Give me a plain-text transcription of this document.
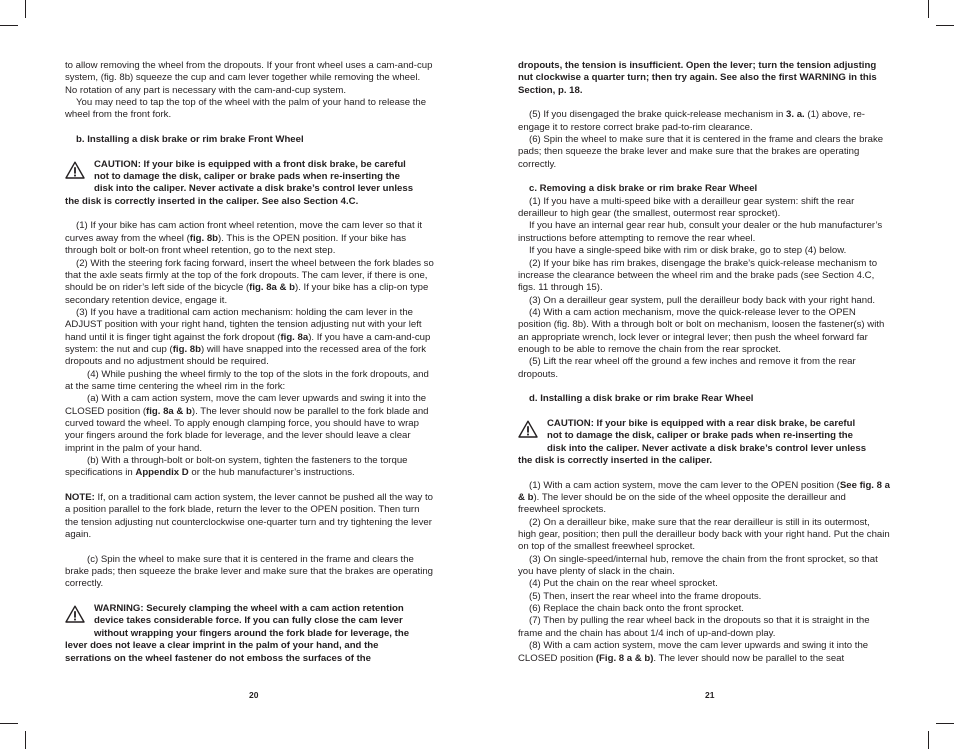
to allow removing the wheel from the dropouts. If your front wheel uses a cam-and-cup system, (fig. 8b) squeeze the cup and cam lever together while removing the wheel. No rotation of any part is necessary with the cam-and-cup system.

You may need to tap the top of the wheel with the palm of your hand to release the wheel from the front fork.

b. Installing a disk brake or rim brake Front Wheel

CAUTION: If your bike is equipped with a front disk brake, be careful

not to damage the disk, caliper or brake pads when re-inserting the

disk into the caliper. Never activate a disk brake’s control lever unless

the disk is correctly inserted in the caliper. See also Section 4.C.

(1) If your bike has cam action front wheel retention, move the cam lever so that it curves away from the wheel (fig. 8b). This is the OPEN position. If your bike has through bolt or bolt-on front wheel retention, go to the next step.

(2) With the steering fork facing forward, insert the wheel between the fork blades so that the axle seats firmly at the top of the fork dropouts. The cam lever, if there is one, should be on rider’s left side of the bicycle (fig. 8a & b). If your bike has a clip-on type secondary retention device, engage it.

(3) If you have a traditional cam action mechanism: holding the cam lever in the ADJUST position with your right hand, tighten the tension adjusting nut with your left hand until it is finger tight against the fork dropout (fig. 8a). If you have a cam-and-cup system: the nut and cup (fig. 8b) will have snapped into the recessed area of the fork dropouts and no adjustment should be required.

(4) While pushing the wheel firmly to the top of the slots in the fork dropouts, and at the same time centering the wheel rim in the fork:

(a) With a cam action system, move the cam lever upwards and swing it into the CLOSED position (fig. 8a & b). The lever should now be parallel to the fork blade and curved toward the wheel. To apply enough clamping force, you should have to wrap your fingers around the fork blade for leverage, and the lever should leave a clear imprint in the palm of your hand.

(b) With a through-bolt or bolt-on system, tighten the fasteners to the torque specifications in Appendix D or the hub manufacturer’s instructions.

NOTE: If, on a traditional cam action system, the lever cannot be pushed all the way to a position parallel to the fork blade, return the lever to the OPEN position. Then turn the tension adjusting nut counterclockwise one-quarter turn and try tightening the lever again.

(c) Spin the wheel to make sure that it is centered in the frame and clears the brake pads; then squeeze the brake lever and make sure that the brakes are operating correctly.

WARNING: Securely clamping the wheel with a cam action retention

device takes considerable force. If you can fully close the cam lever

without wrapping your fingers around the fork blade for leverage, the

lever does not leave a clear imprint in the palm of your hand, and the

serrations on the wheel fastener do not emboss the surfaces of the

20

dropouts, the tension is insufficient. Open the lever; turn the tension adjusting nut clockwise a quarter turn; then try again. See also the first WARNING in this Section, p. 18.

(5) If you disengaged the brake quick-release mechanism in 3. a. (1) above, re-engage it to restore correct brake pad-to-rim clearance.

(6) Spin the wheel to make sure that it is centered in the frame and clears the brake pads; then squeeze the brake lever and make sure that the brakes are operating correctly.

c. Removing a disk brake or rim brake Rear Wheel

(1) If you have a multi-speed bike with a derailleur gear system: shift the rear derailleur to high gear (the smallest, outermost rear sprocket).

If you have an internal gear rear hub, consult your dealer or the hub manufacturer’s instructions before attempting to remove the rear wheel.

If you have a single-speed bike with rim or disk brake, go to step (4) below.

(2) If your bike has rim brakes, disengage the brake’s quick-release mechanism to increase the clearance between the wheel rim and the brake pads (see Section 4.C, figs. 11 through 15).

(3) On a derailleur gear system, pull the derailleur body back with your right hand.

(4) With a cam action mechanism, move the quick-release lever to the OPEN position (fig. 8b). With a through bolt or bolt on mechanism, loosen the fastener(s) with an appropriate wrench, lock lever or integral lever; then push the wheel forward far enough to be able to remove the chain from the rear sprocket.

(5) Lift the rear wheel off the ground a few inches and remove it from the rear dropouts.

d. Installing a disk brake or rim brake Rear Wheel

CAUTION: If your bike is equipped with a rear disk brake, be careful

not to damage the disk, caliper or brake pads when re-inserting the

disk into the caliper. Never activate a disk brake’s control lever unless

the disk is correctly inserted in the caliper.

(1) With a cam action system, move the cam lever to the OPEN position (See fig. 8 a & b). The lever should be on the side of the wheel opposite the derailleur and freewheel sprockets.

(2) On a derailleur bike, make sure that the rear derailleur is still in its outermost, high gear, position; then pull the derailleur body back with your right hand. Put the chain on top of the smallest freewheel sprocket.

(3) On single-speed/internal hub, remove the chain from the front sprocket, so that you have plenty of slack in the chain.

(4) Put the chain on the rear wheel sprocket.

(5) Then, insert the rear wheel into the frame dropouts.

(6) Replace the chain back onto the front sprocket.

(7) Then by pulling the rear wheel back in the dropouts so that it is straight in the frame and the chain has about 1/4 inch of up-and-down play.

(8) With a cam action system, move the cam lever upwards and swing it into the CLOSED position (Fig. 8 a & b). The lever should now be parallel to the seat

21
